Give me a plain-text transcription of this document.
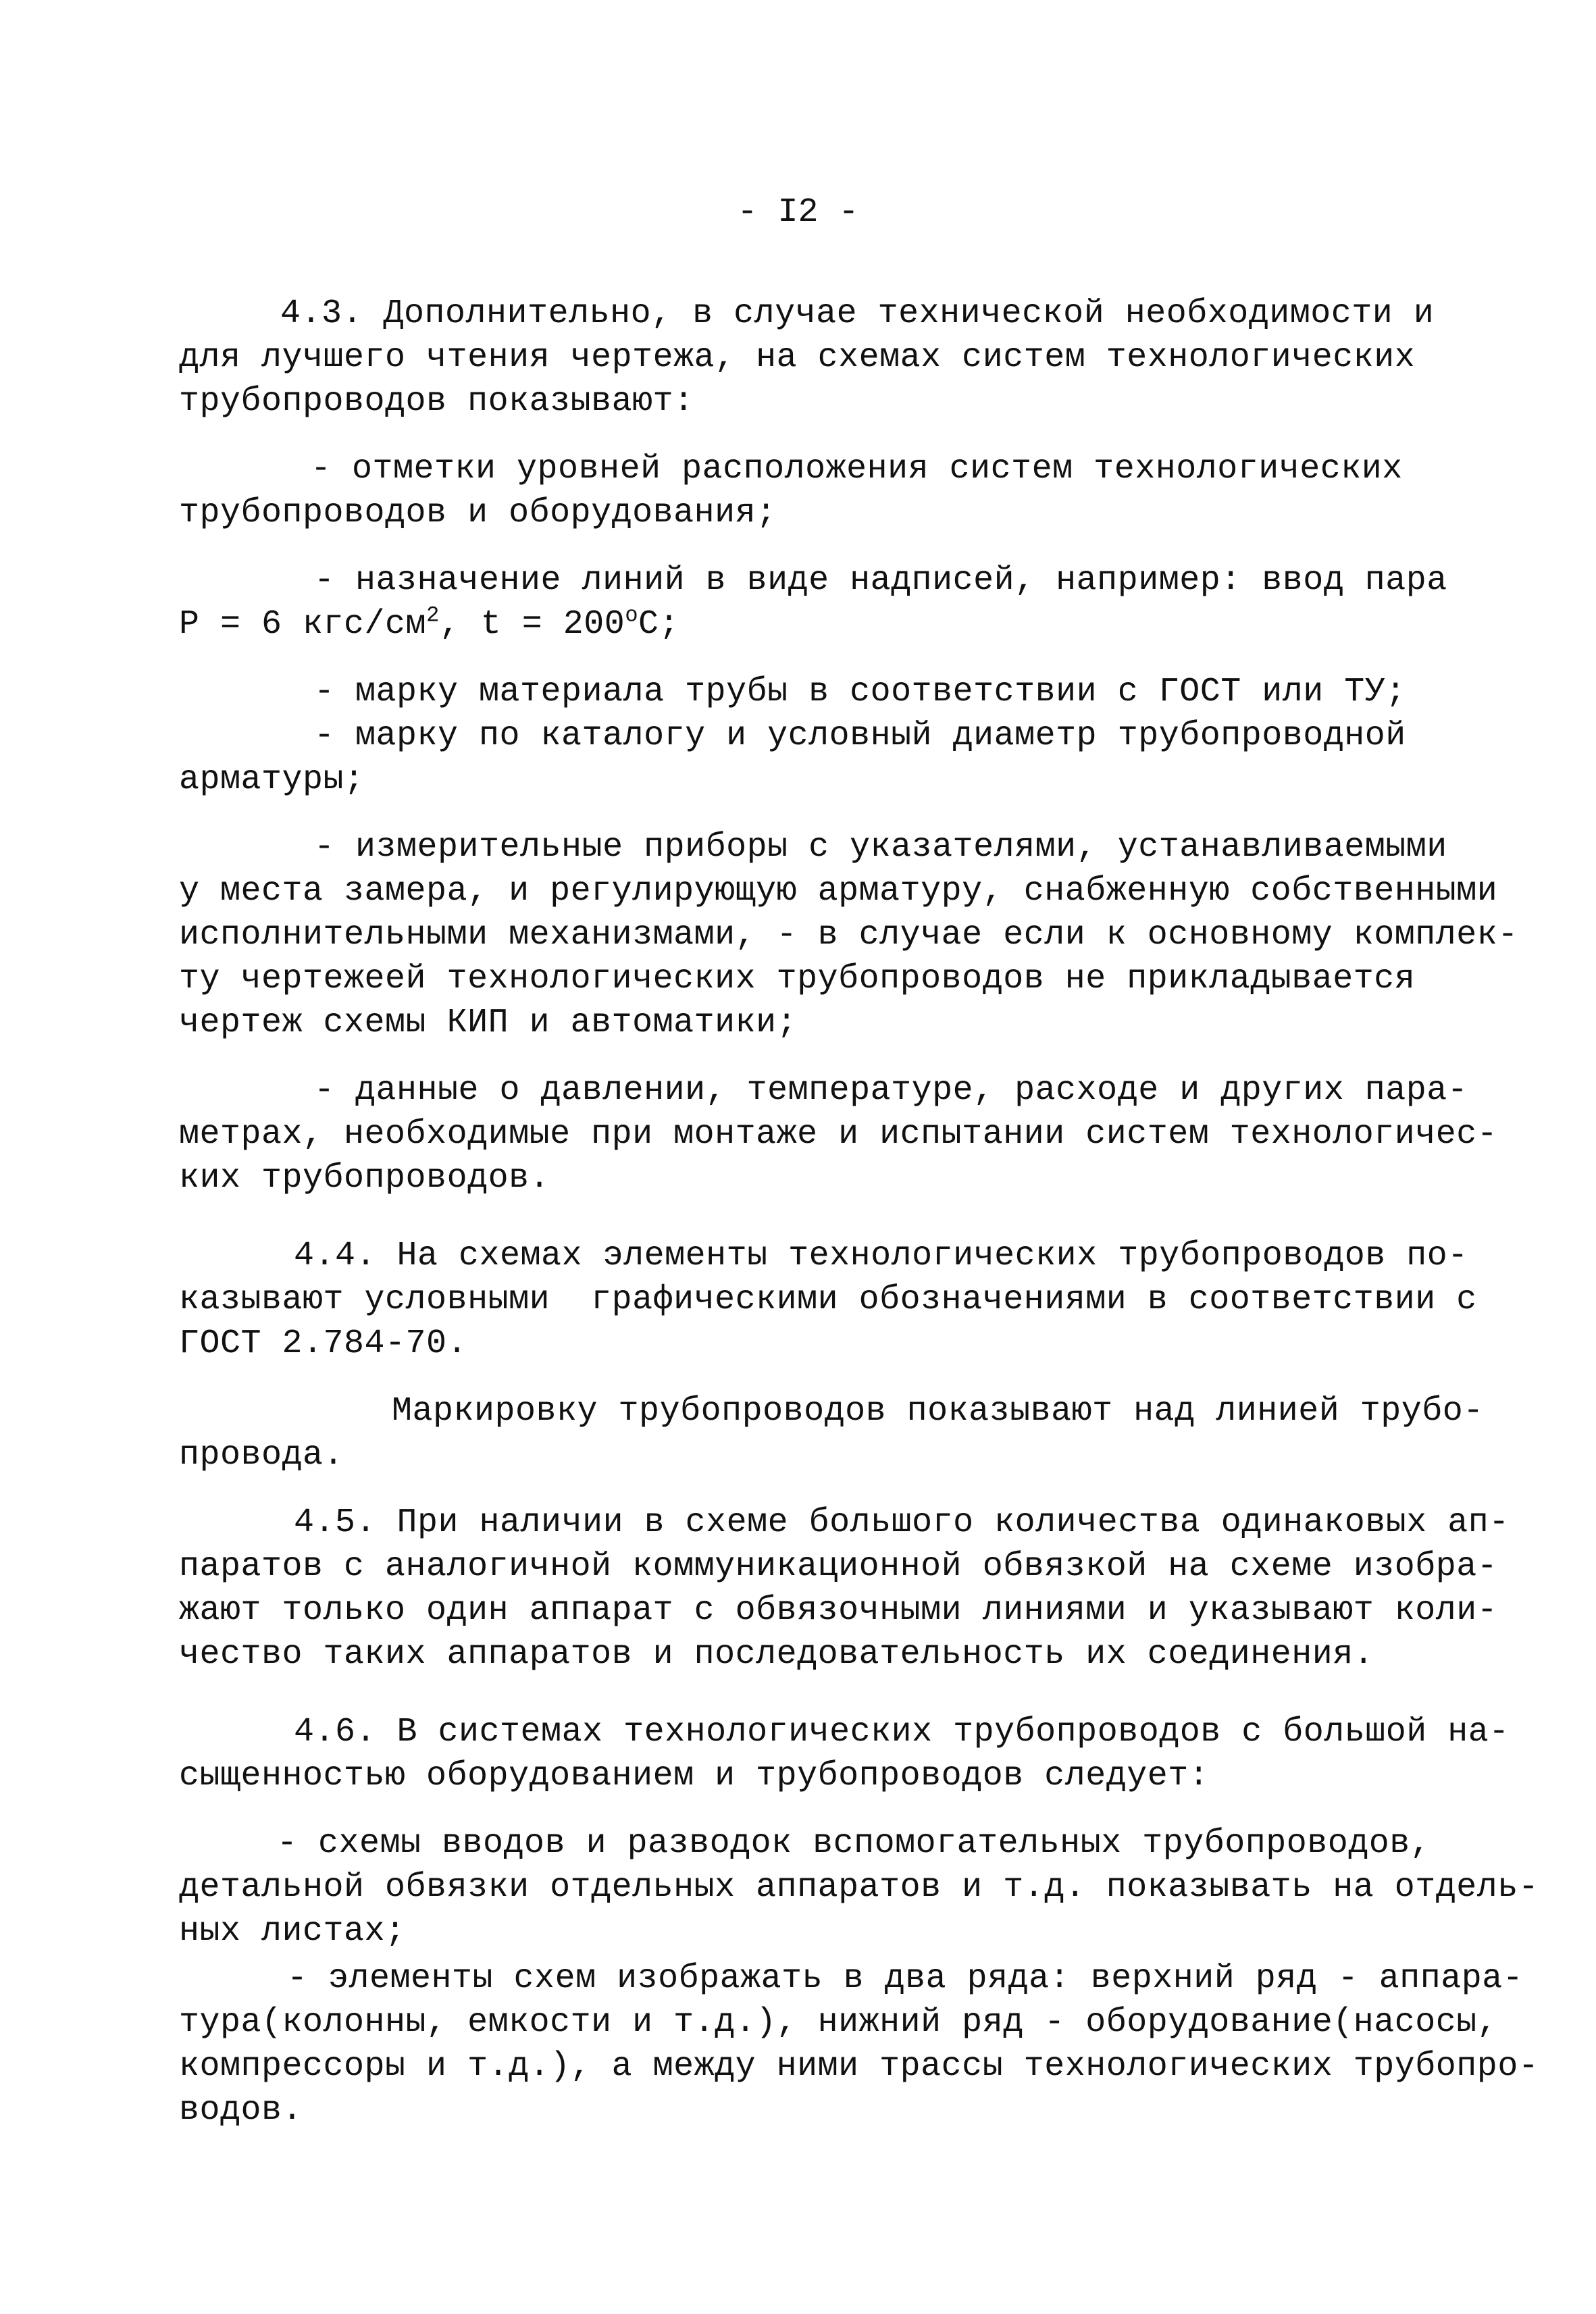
- I2 -
4.3. Дополнительно, в случае технической необходимости и
для лучшего чтения чертежа, на схемах систем технологических
трубопроводов показывают:
- отметки уровней расположения систем технологических
трубопроводов и оборудования;
- назначение линий в виде надписей, например: ввод пара
Р = 6 кгс/$см^2$, $t = 200^оС$;
- марку материала трубы в соответствии с ГОСТ или ТУ;
- марку по каталогу и условный диаметр трубопроводной
арматуры;
- измерительные приборы с указателями, устанавливаемыми
у места замера, и регулирующую арматуру, снабженную собственными
исполнительными механизмами, - в случае если к основному комплек-
ту чертежеей технологических трубопроводов не прикладывается
чертеж схемы КИП и автоматики;
- данные о давлении, температуре, расходе и других пара-
метрах, необходимые при монтаже и испытании систем технологичес-
ких трубопроводов.
4.4. На схемах элементы технологических трубопроводов по-
казывают условными  графическими обозначениями в соответствии с
ГОСТ 2.784-70.
Маркировку трубопроводов показывают над линией трубо-
провода.
4.5. При наличии в схеме большого количества одинаковых ап-
паратов с аналогичной коммуникационной обвязкой на схеме изобра-
жают только один аппарат с обвязочными линиями и указывают коли-
чество таких аппаратов и последовательность их соединения.
4.6. В системах технологических трубопроводов с большой на-
сыщенностью оборудованием и трубопроводов следует:
- схемы вводов и разводок вспомогательных трубопроводов,
детальной обвязки отдельных аппаратов и т.д. показывать на отдель-
ных листах;
- элементы схем изображать в два ряда: верхний ряд - аппара-
тура(колонны, емкости и т.д.), нижний ряд - оборудование(насосы,
компрессоры и т.д.), а между ними трассы технологических трубопро-
водов.
